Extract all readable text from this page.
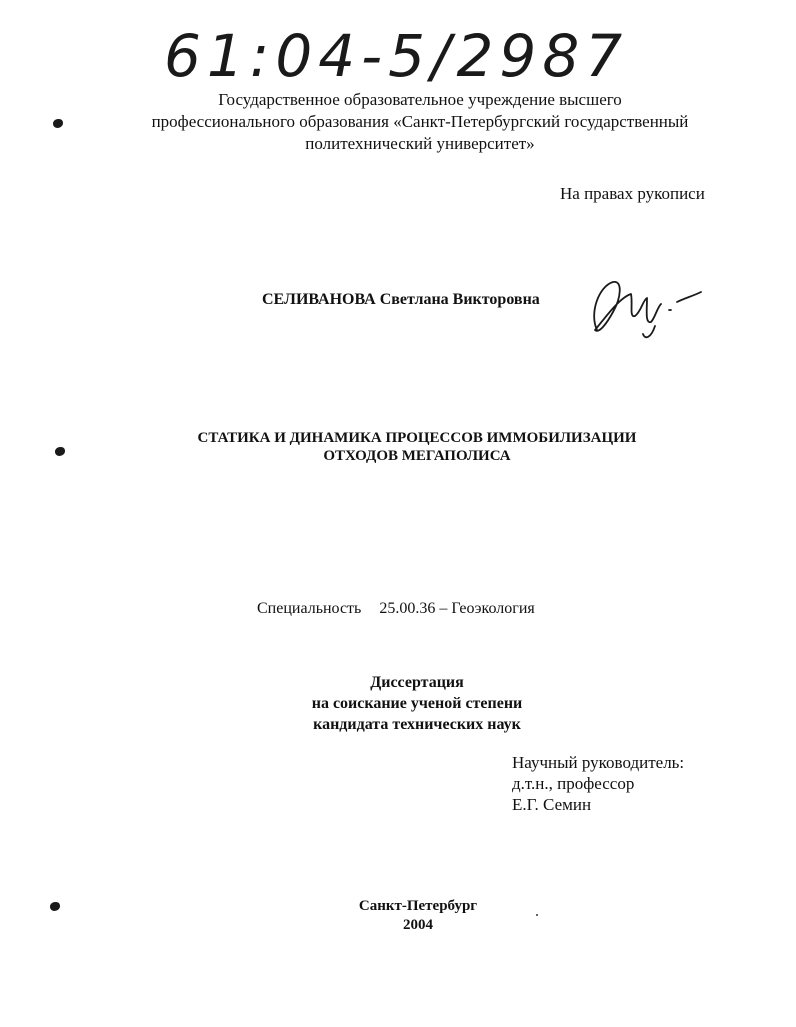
61:04-5/2987
Государственное образовательное учреждение высшего
профессионального образования «Санкт-Петербургский государственный
политехнический университет»
На правах рукописи
СЕЛИВАНОВА Светлана Викторовна
СТАТИКА И ДИНАМИКА ПРОЦЕССОВ ИММОБИЛИЗАЦИИ
ОТХОДОВ МЕГАПОЛИСА
Специальность 25.00.36 – Геоэкология
Диссертация
на соискание ученой степени
кандидата технических наук
Научный руководитель:
д.т.н., профессор
Е.Г. Семин
Санкт-Петербург
2004
